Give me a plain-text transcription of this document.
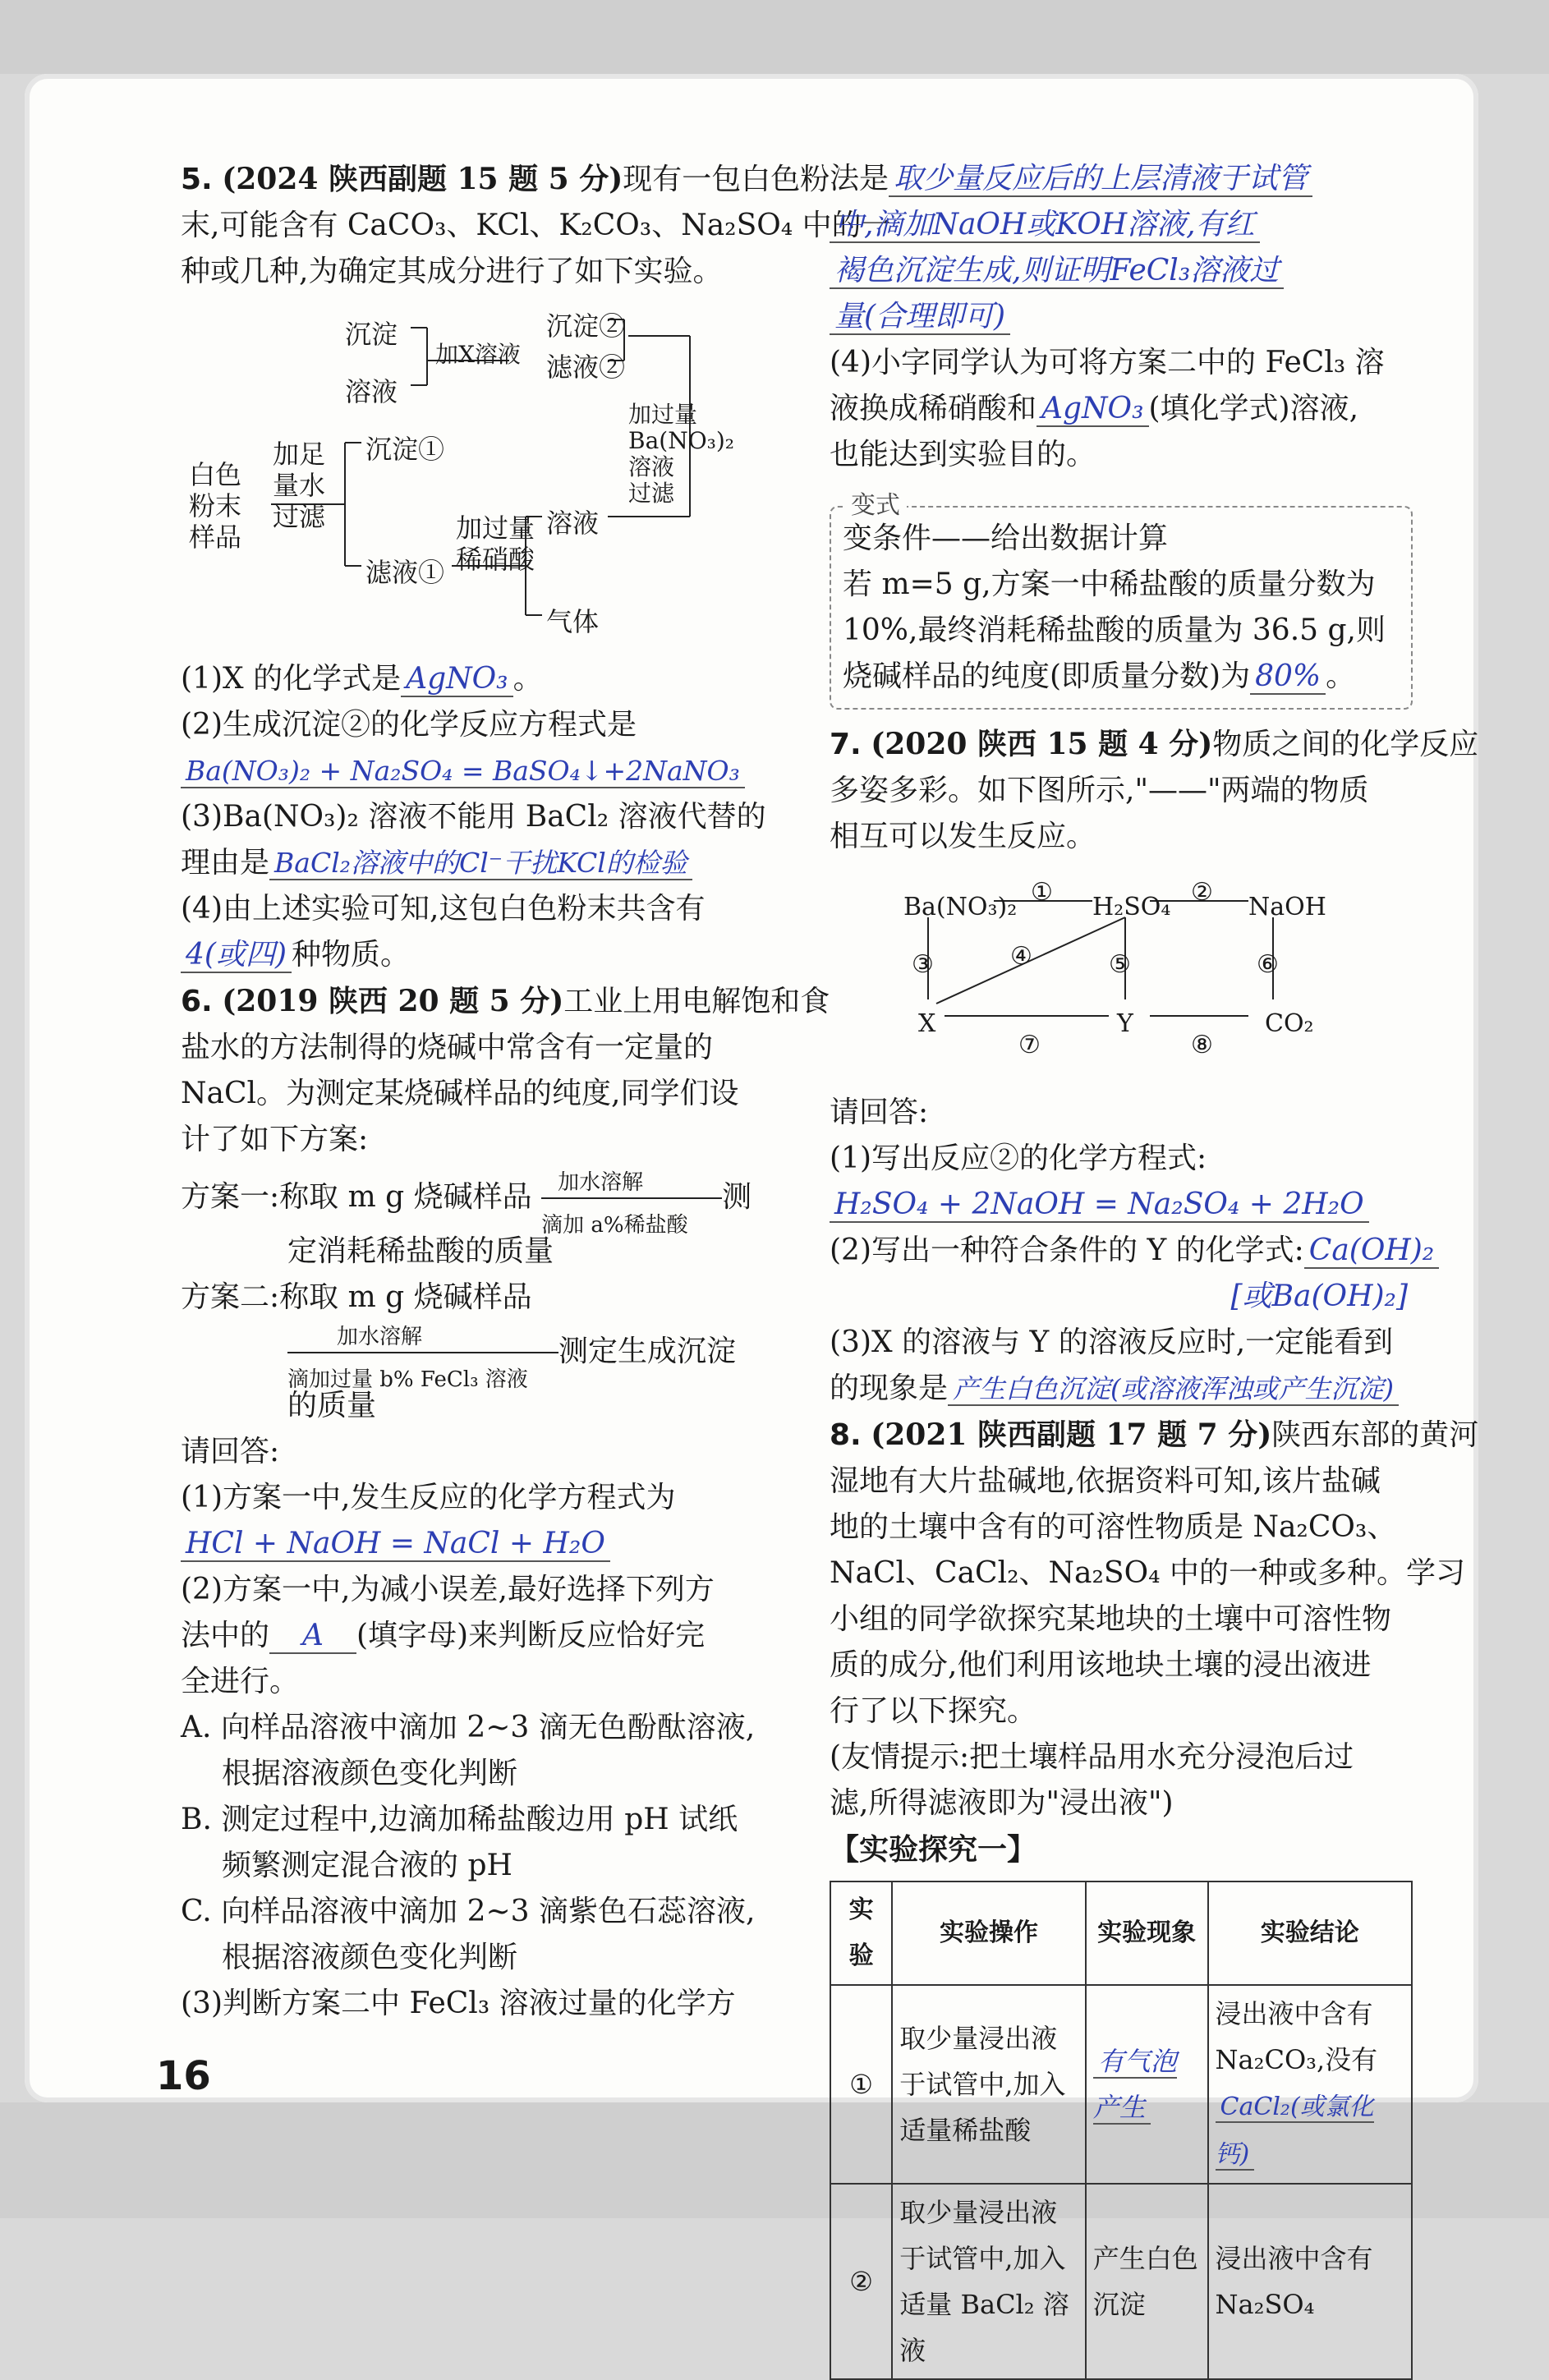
5. (2024 陕西副题 15 题 5 分)现有一包白色粉
末,可能含有 CaCO₃、KCl、K₂CO₃、Na₂SO₄ 中的一
种或几种,为确定其成分进行了如下实验。
白色
粉末
样品
加足
量水
过滤
沉淀①
滤液①
加过量
稀硝酸
溶液
气体
加过量
Ba(NO₃)₂
溶液
过滤
沉淀②
滤液②
加X溶液
沉淀
溶液
(1)X 的化学式是 AgNO₃ 。
(2)生成沉淀②的化学反应方程式是
Ba(NO₃)₂ + Na₂SO₄ = BaSO₄↓+2NaNO₃
(3)Ba(NO₃)₂ 溶液不能用 BaCl₂ 溶液代替的
理由是 BaCl₂溶液中的Cl⁻干扰KCl的检验
(4)由上述实验可知,这包白色粉末共含有
4(或四) 种物质。
6. (2019 陕西 20 题 5 分)工业上用电解饱和食
盐水的方法制得的烧碱中常含有一定量的
NaCl。为测定某烧碱样品的纯度,同学们设
计了如下方案:
方案一:称取 m g 烧碱样品 加水溶解
滴加 a%稀盐酸
测
定消耗稀盐酸的质量
方案二:称取 m g 烧碱样品
加水溶解
滴加过量 b% FeCl₃ 溶液
测定生成沉淀
的质量
请回答:
(1)方案一中,发生反应的化学方程式为
HCl + NaOH = NaCl + H₂O
(2)方案一中,为减小误差,最好选择下列方
法中的 A (填字母)来判断反应恰好完
全进行。
A. 向样品溶液中滴加 2~3 滴无色酚酞溶液,
根据溶液颜色变化判断
B. 测定过程中,边滴加稀盐酸边用 pH 试纸
频繁测定混合液的 pH
C. 向样品溶液中滴加 2~3 滴紫色石蕊溶液,
根据溶液颜色变化判断
(3)判断方案二中 FeCl₃ 溶液过量的化学方
法是 取少量反应后的上层清液于试管
中,滴加NaOH或KOH溶液,有红
褐色沉淀生成,则证明FeCl₃溶液过
量(合理即可)
(4)小字同学认为可将方案二中的 FeCl₃ 溶
液换成稀硝酸和 AgNO₃ (填化学式)溶液,
也能达到实验目的。
变式
变条件——给出数据计算
若 m=5 g,方案一中稀盐酸的质量分数为
10%,最终消耗稀盐酸的质量为 36.5 g,则
烧碱样品的纯度(即质量分数)为 80% 。
7. (2020 陕西 15 题 4 分)物质之间的化学反应
多姿多彩。如下图所示,"——"两端的物质
相互可以发生反应。
Ba(NO₃)₂	H₂SO₄	NaOH
X	Y	CO₂
①	②
③	④	⑤	⑥
⑦	⑧
请回答:
(1)写出反应②的化学方程式:
H₂SO₄ + 2NaOH = Na₂SO₄ + 2H₂O
(2)写出一种符合条件的 Y 的化学式: Ca(OH)₂
[或Ba(OH)₂]
(3)X 的溶液与 Y 的溶液反应时,一定能看到
的现象是 产生白色沉淀(或溶液浑浊或产生沉淀)
8. (2021 陕西副题 17 题 7 分)陕西东部的黄河
湿地有大片盐碱地,依据资料可知,该片盐碱
地的土壤中含有的可溶性物质是 Na₂CO₃、
NaCl、CaCl₂、Na₂SO₄ 中的一种或多种。学习
小组的同学欲探究某地块的土壤中可溶性物
质的成分,他们利用该地块土壤的浸出液进
行了以下探究。
(友情提示:把土壤样品用水充分浸泡后过
滤,所得滤液即为"浸出液")
【实验探究一】
实验	实验操作	实验现象	实验结论
①	取少量浸出液于试管中,加入适量稀盐酸	有气泡产生	浸出液中含有 Na₂CO₃,没有 CaCl₂(或氯化钙)
②	取少量浸出液于试管中,加入适量 BaCl₂ 溶液	产生白色沉淀	浸出液中含有 Na₂SO₄
16
